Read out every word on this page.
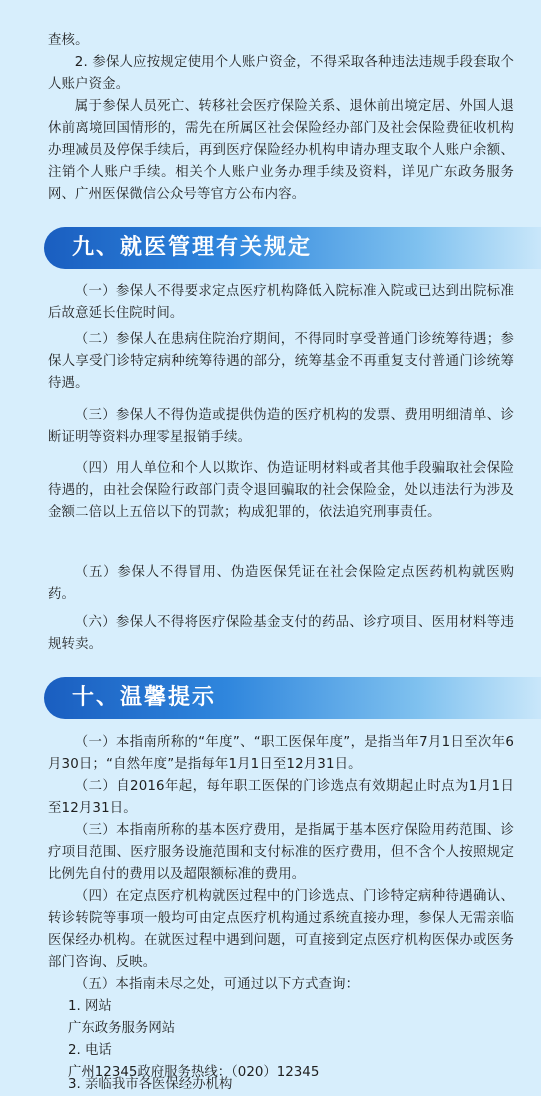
查核。

2. 参保人应按规定使用个人账户资金，不得采取各种违法违规手段套取个人账户资金。

属于参保人员死亡、转移社会医疗保险关系、退休前出境定居、外国人退休前离境回国情形的，需先在所属区社会保险经办部门及社会保险费征收机构办理减员及停保手续后，再到医疗保险经办机构申请办理支取个人账户余额、注销个人账户手续。相关个人账户业务办理手续及资料，详见广东政务服务网、广州医保微信公众号等官方公布内容。

九、就医管理有关规定

（一）参保人不得要求定点医疗机构降低入院标准入院或已达到出院标准后故意延长住院时间。

（二）参保人在患病住院治疗期间，不得同时享受普通门诊统筹待遇；参保人享受门诊特定病种统筹待遇的部分，统筹基金不再重复支付普通门诊统筹待遇。

（三）参保人不得伪造或提供伪造的医疗机构的发票、费用明细清单、诊断证明等资料办理零星报销手续。

（四）用人单位和个人以欺诈、伪造证明材料或者其他手段骗取社会保险待遇的，由社会保险行政部门责令退回骗取的社会保险金，处以违法行为涉及金额二倍以上五倍以下的罚款；构成犯罪的，依法追究刑事责任。

（五）参保人不得冒用、伪造医保凭证在社会保险定点医药机构就医购药。

（六）参保人不得将医疗保险基金支付的药品、诊疗项目、医用材料等违规转卖。

十、温馨提示

（一）本指南所称的“年度”、“职工医保年度”，是指当年7月1日至次年6月30日；“自然年度”是指每年1月1日至12月31日。

（二）自2016年起，每年职工医保的门诊选点有效期起止时点为1月1日至12月31日。

（三）本指南所称的基本医疗费用，是指属于基本医疗保险用药范围、诊疗项目范围、医疗服务设施范围和支付标准的医疗费用，但不含个人按照规定比例先自付的费用以及超限额标准的费用。

（四）在定点医疗机构就医过程中的门诊选点、门诊特定病种待遇确认、转诊转院等事项一般均可由定点医疗机构通过系统直接办理，参保人无需亲临医保经办机构。在就医过程中遇到问题，可直接到定点医疗机构医保办或医务部门咨询、反映。

（五）本指南未尽之处，可通过以下方式查询：

1. 网站

广东政务服务网站

2. 电话

广州12345政府服务热线：（020）12345

3. 亲临我市各医保经办机构
